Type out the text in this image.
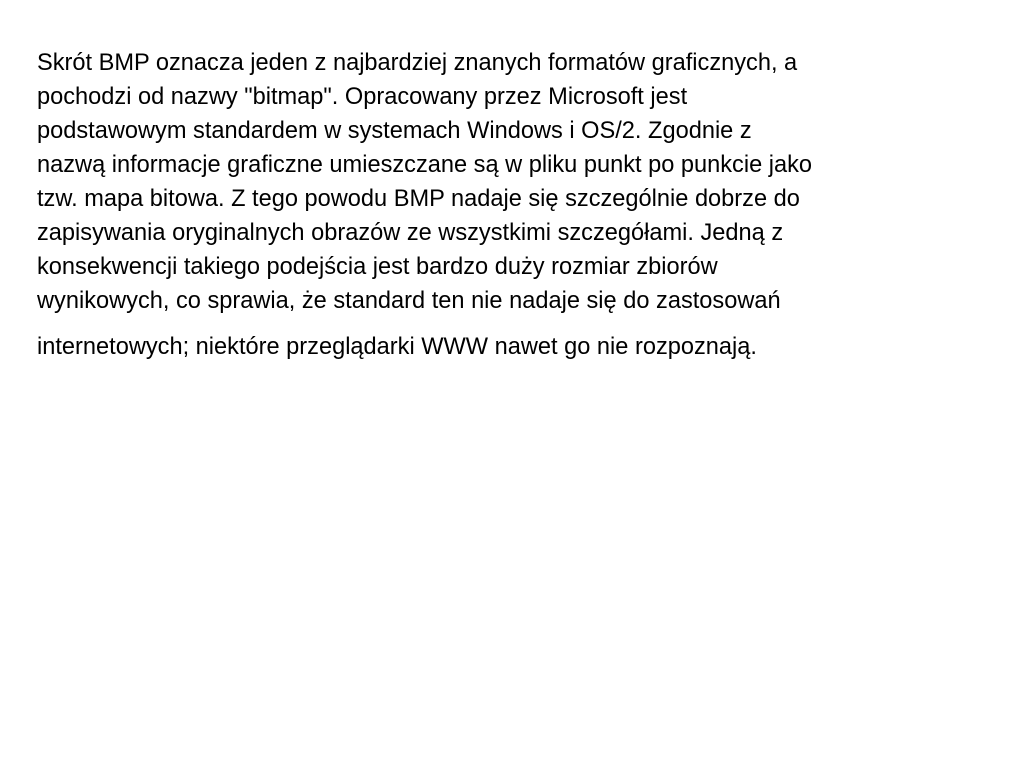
Skrót BMP oznacza jeden z najbardziej znanych formatów graficznych, a
pochodzi od nazwy "bitmap". Opracowany przez Microsoft jest
podstawowym standardem w systemach Windows i OS/2. Zgodnie z
nazwą informacje graficzne umieszczane są w pliku punkt po punkcie jako
tzw. mapa bitowa. Z tego powodu BMP nadaje się szczególnie dobrze do
zapisywania oryginalnych obrazów ze wszystkimi szczegółami. Jedną z
konsekwencji takiego podejścia jest bardzo duży rozmiar zbiorów
wynikowych, co sprawia, że standard ten nie nadaje się do zastosowań
internetowych; niektóre przeglądarki WWW nawet go nie rozpoznają.
